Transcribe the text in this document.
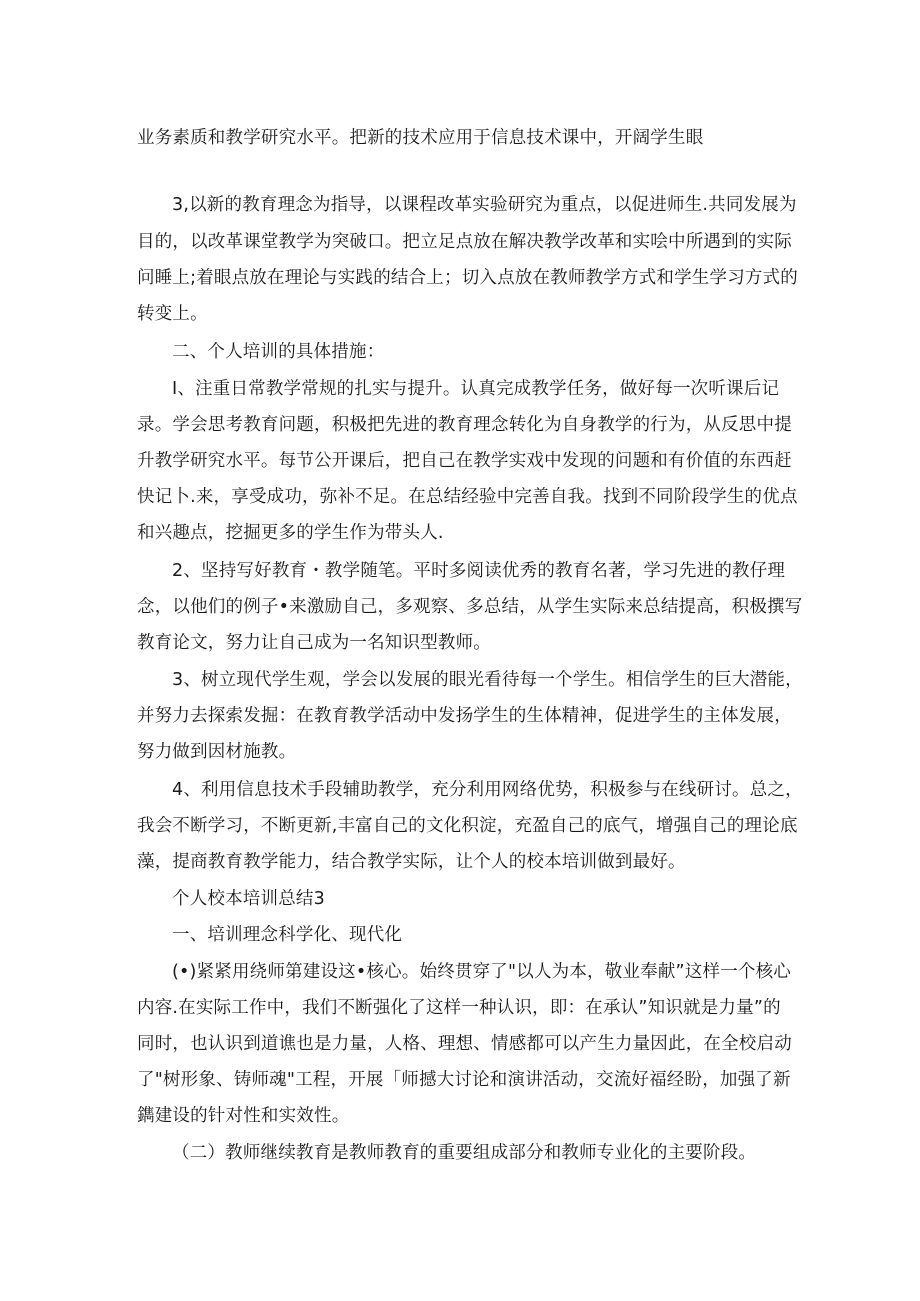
业务素质和教学研究水平。把新的技术应用于信息技术课中，开阔学生眼
3,以新的教育理念为指导，以课程改革实验研究为重点，以促进师生.共同发展为
目的，以改革课堂教学为突破口。把立足点放在解决教学改革和实哙中所遇到的实际
问睡上;着眼点放在理论与实践的结合上；切入点放在教师教学方式和学生学习方式的
转变上。
二、个人培训的具体措施：
I、注重日常教学常规的扎实与提升。认真完成教学任务，做好每一次听课后记
录。学会思考教育问题，积极把先进的教育理念转化为自身教学的行为，从反思中提
升教学研究水平。每节公开课后，把自己在教学实戏中发现的问题和有价值的东西赶
快记卜.来，享受成功，弥补不足。在总结经验中完善自我。找到不同阶段学生的优点
和兴趣点，挖掘更多的学生作为带头人.
2、坚持写好教育・教学随笔。平时多阅读优秀的教育名著，学习先进的教仔理
念，以他们的例子•来激励自己，多观察、多总结，从学生实际来总结提高，积极撰写
教育论文，努力让自己成为一名知识型教师。
3、树立现代学生观，学会以发展的眼光看待每一个学生。相信学生的巨大潜能，
并努力去探索发掘：在教育教学活动中发扬学生的生体精神，促进学生的主体发展，
努力做到因材施教。
4、利用信息技术手段辅助教学，充分利用网络优势，积极参与在线研讨。总之，
我会不断学习，不断更新,丰富自己的文化积淀，充盈自己的底气，增强自己的理论底
藻，提商教育教学能力，结合教学实际，让个人的校本培训做到最好。
个人校本培训总结3
一、培训理念科学化、现代化
(•)紧紧用绕师第建设这•核心。始终贯穿了"以人为本，敬业奉献”这样一个核心
内容.在实际工作中，我们不断强化了这样一种认识，即：在承认”知识就是力量”的
同时，也认识到道谯也是力量，人格、理想、情感都可以产生力量因此，在全校启动
了"树形象、铸师魂"工程，开展「师撼大讨论和演讲活动，交流好福经盼，加强了新
鐫建设的针对性和实效性。
（二）教师继续教育是教师教育的重要组成部分和教师专业化的主要阶段。
